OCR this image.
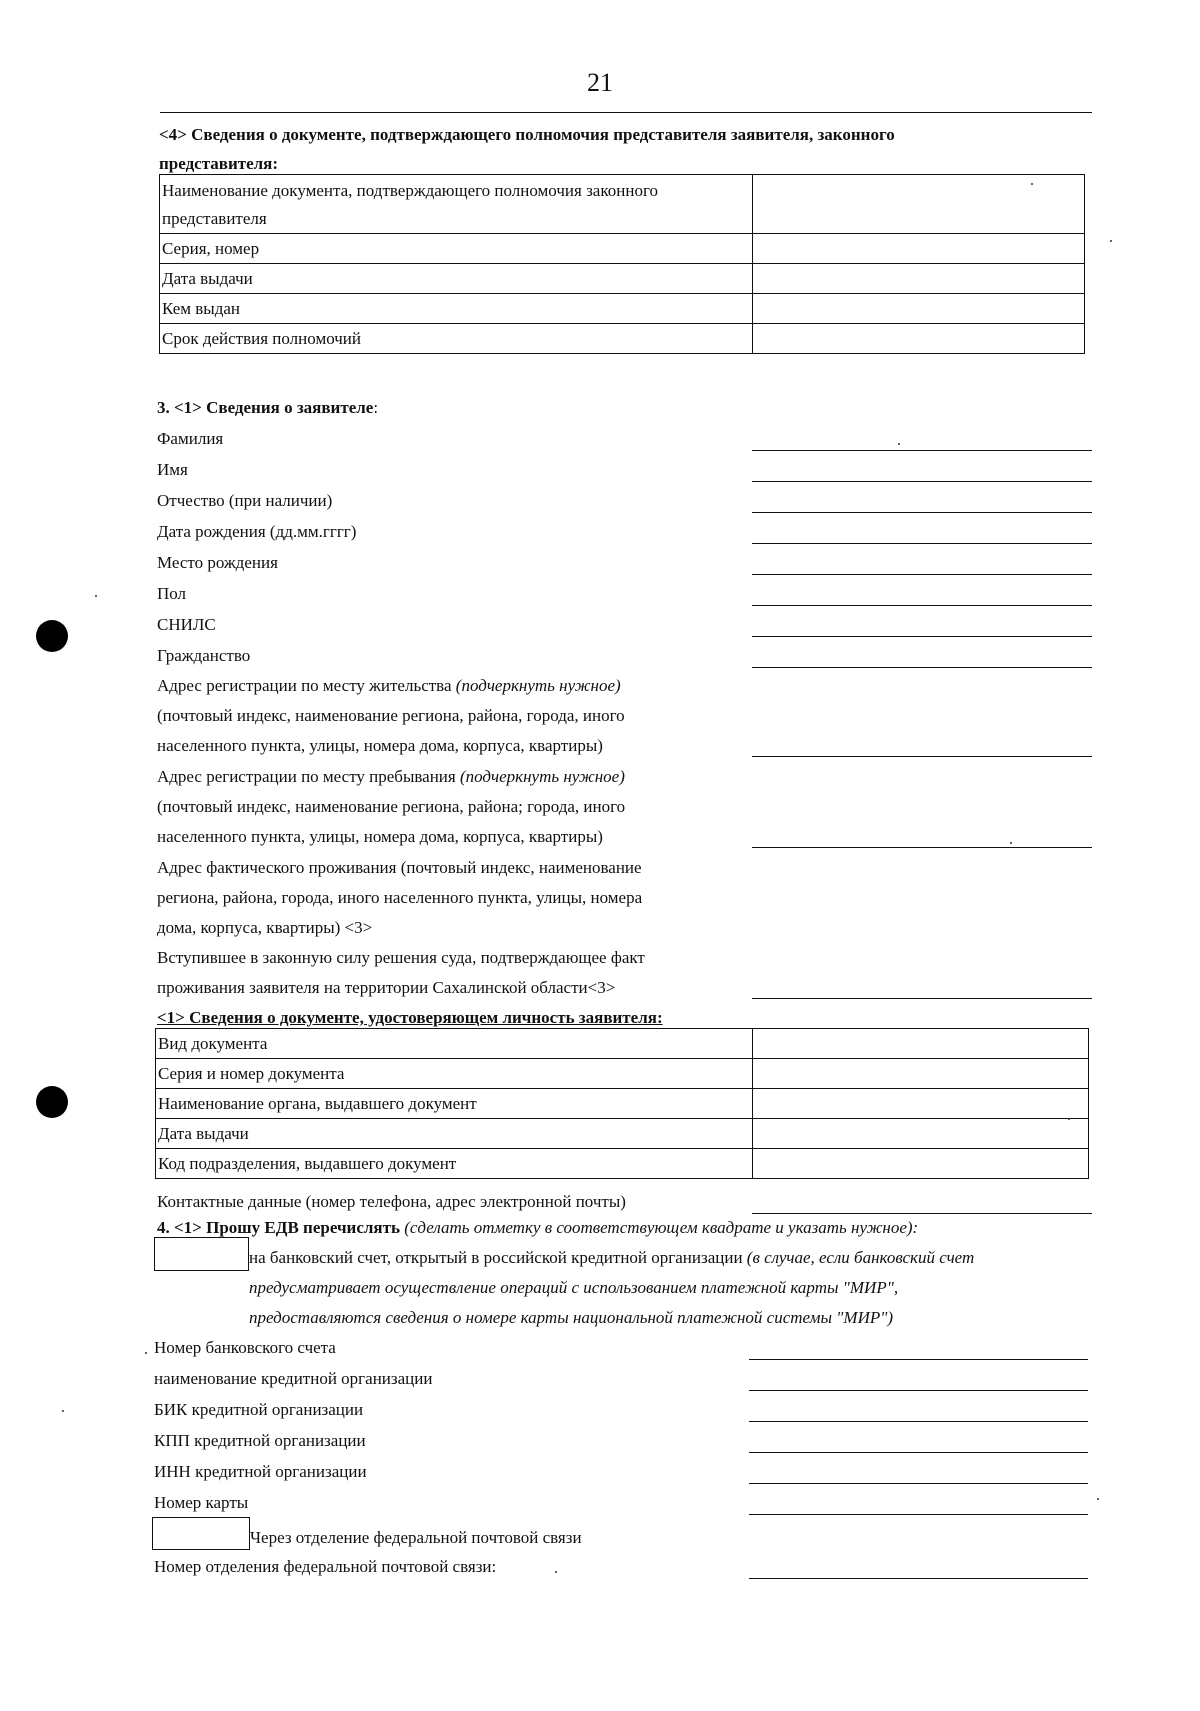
21
<4> Сведения о документе, подтверждающего полномочия представителя заявителя, законного
представителя:
Наименование документа, подтверждающего полномочия законного
представителя	

Серия, номер	
Дата выдачи	
Кем выдан	
Срок действия полномочий	
3. <1> Сведения о заявителе:
Фамилия
Имя
Отчество (при наличии)
Дата рождения (дд.мм.гггг)
Место рождения
Пол
СНИЛС
Гражданство
Адрес регистрации по месту жительства (подчеркнуть нужное)
(почтовый индекс, наименование региона, района, города, иного
населенного пункта, улицы, номера дома, корпуса, квартиры)
Адрес регистрации по месту пребывания (подчеркнуть нужное)
(почтовый индекс, наименование региона, района; города, иного
населенного пункта, улицы, номера дома, корпуса, квартиры)
Адрес фактического проживания (почтовый индекс, наименование
региона, района, города, иного населенного пункта, улицы, номера
дома, корпуса, квартиры) <3>
Вступившее в законную силу решения суда, подтверждающее факт
проживания заявителя на территории Сахалинской области<3>
<1> Сведения о документе, удостоверяющем личность заявителя:
Вид документа	
Серия и номер документа	
Наименование органа, выдавшего документ	
Дата выдачи	
Код подразделения, выдавшего документ	
Контактные данные (номер телефона, адрес электронной почты)
4. <1> Прошу ЕДВ перечислять (сделать отметку в соответствующем квадрате и указать нужное):
на банковский счет, открытый в российской кредитной организации (в случае, если банковский счет
предусматривает осуществление операций с использованием платежной карты "МИР",
предоставляются сведения о номере карты национальной платежной системы "МИР")
Номер банковского счета
наименование кредитной организации
БИК кредитной организации
КПП кредитной организации
ИНН кредитной организации
Номер карты
Через отделение федеральной почтовой связи
Номер отделения федеральной почтовой связи:
